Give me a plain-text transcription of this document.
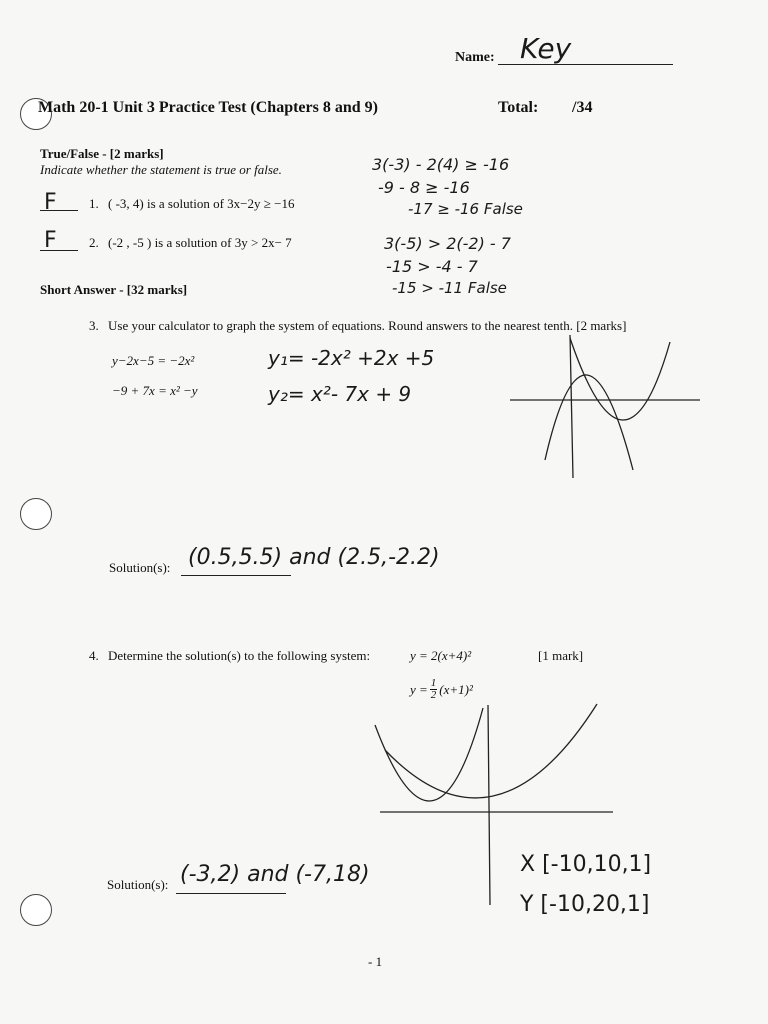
Name: Key
Math 20-1 Unit 3 Practice Test (Chapters 8 and 9)	Total: /34
True/False - [2 marks]
Indicate whether the statement is true or false.
F 1. ( -3, 4) is a solution of 3x−2y ≥ −16
F 2. (-2 , -5 ) is a solution of 3y > 2x− 7
3(-3) - 2(4) ≥ -16
-9 - 8 ≥ -16
-17 ≥ -16 False
3(-5) > 2(-2) - 7
-15 > -4 - 7
-15 > -11 False
Short Answer - [32 marks]
3. Use your calculator to graph the system of equations. Round answers to the nearest tenth. [2 marks]
y−2x−5 = −2x²
−9 + 7x = x² −y
y₁= -2x² +2x +5
y₂= x²- 7x + 9
Solution(s): (0.5,5.5) and (2.5,-2.2)
4. Determine the solution(s) to the following system:	y = 2(x+4)²	[1 mark]
$y = \frac{1}{2} (x+1)^2$
Solution(s): (-3,2) and (-7,18)	X [-10,10,1]
Y [-10,20,1]
- 1
